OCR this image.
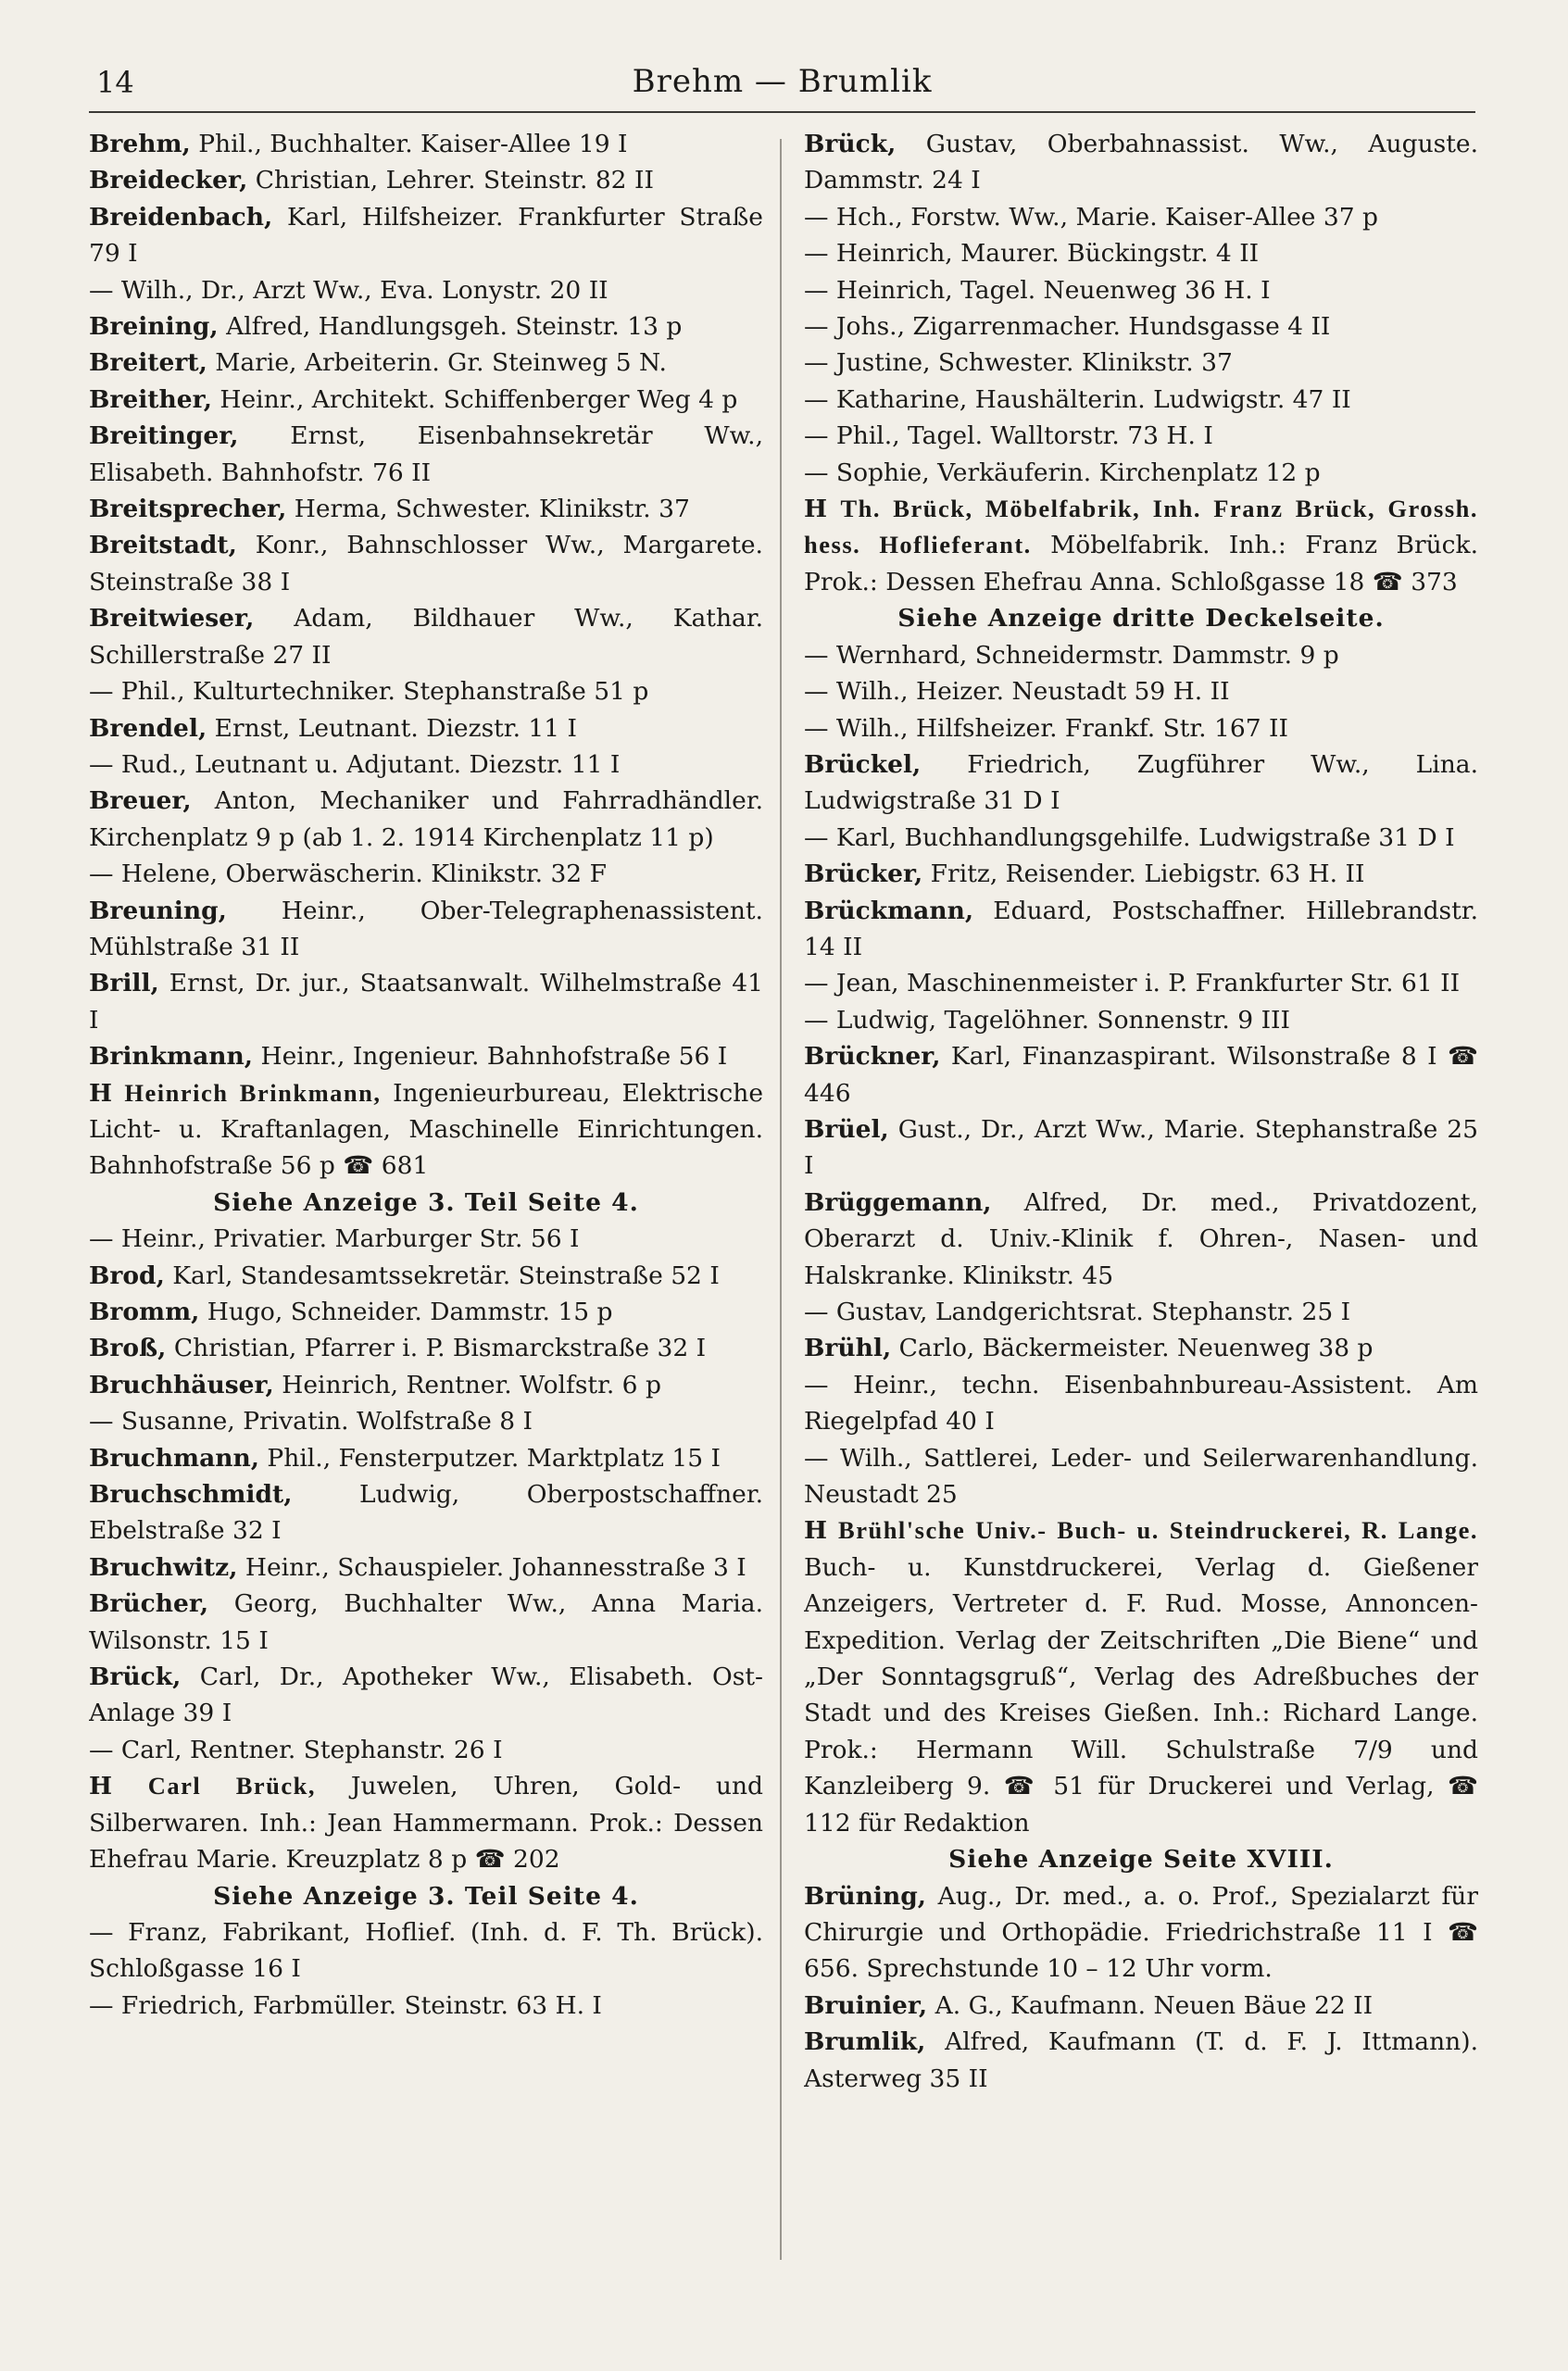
14	Brehm — Brumlik
Brehm, Phil., Buchhalter. Kaiser-Allee 19 I
Breidecker, Christian, Lehrer. Steinstr. 82 II
Breidenbach, Karl, Hilfsheizer. Frankfurter Straße 79 I
— Wilh., Dr., Arzt Ww., Eva. Lonystr. 20 II
Breining, Alfred, Handlungsgeh. Steinstr. 13 p
Breitert, Marie, Arbeiterin. Gr. Steinweg 5 N.
Breither, Heinr., Architekt. Schiffenberger Weg 4 p
Breitinger, Ernst, Eisenbahnsekretär Ww., Elisabeth. Bahnhofstr. 76 II
Breitsprecher, Herma, Schwester. Klinikstr. 37
Breitstadt, Konr., Bahnschlosser Ww., Margarete. Steinstraße 38 I
Breitwieser, Adam, Bildhauer Ww., Kathar. Schillerstraße 27 II
— Phil., Kulturtechniker. Stephanstraße 51 p
Brendel, Ernst, Leutnant. Diezstr. 11 I
— Rud., Leutnant u. Adjutant. Diezstr. 11 I
Breuer, Anton, Mechaniker und Fahrradhändler. Kirchenplatz 9 p (ab 1. 2. 1914 Kirchenplatz 11 p)
— Helene, Oberwäscherin. Klinikstr. 32 F
Breuning, Heinr., Ober-Telegraphenassistent. Mühlstraße 31 II
Brill, Ernst, Dr. jur., Staatsanwalt. Wilhelmstraße 41 I
Brinkmann, Heinr., Ingenieur. Bahnhofstraße 56 I
H Heinrich Brinkmann, Ingenieurbureau, Elektrische Licht- u. Kraftanlagen, Maschinelle Einrichtungen. Bahnhofstraße 56 p ☎ 681
Siehe Anzeige 3. Teil Seite 4.
— Heinr., Privatier. Marburger Str. 56 I
Brod, Karl, Standesamtssekretär. Steinstraße 52 I
Bromm, Hugo, Schneider. Dammstr. 15 p
Broß, Christian, Pfarrer i. P. Bismarckstraße 32 I
Bruchhäuser, Heinrich, Rentner. Wolfstr. 6 p
— Susanne, Privatin. Wolfstraße 8 I
Bruchmann, Phil., Fensterputzer. Marktplatz 15 I
Bruchschmidt, Ludwig, Oberpostschaffner. Ebelstraße 32 I
Bruchwitz, Heinr., Schauspieler. Johannesstraße 3 I
Brücher, Georg, Buchhalter Ww., Anna Maria. Wilsonstr. 15 I
Brück, Carl, Dr., Apotheker Ww., Elisabeth. Ost-Anlage 39 I
— Carl, Rentner. Stephanstr. 26 I
H Carl Brück, Juwelen, Uhren, Gold- und Silberwaren. Inh.: Jean Hammermann. Prok.: Dessen Ehefrau Marie. Kreuzplatz 8 p ☎ 202
Siehe Anzeige 3. Teil Seite 4.
— Franz, Fabrikant, Hoflief. (Inh. d. F. Th. Brück). Schloßgasse 16 I
— Friedrich, Farbmüller. Steinstr. 63 H. I
Brück, Gustav, Oberbahnassist. Ww., Auguste. Dammstr. 24 I
— Hch., Forstw. Ww., Marie. Kaiser-Allee 37 p
— Heinrich, Maurer. Bückingstr. 4 II
— Heinrich, Tagel. Neuenweg 36 H. I
— Johs., Zigarrenmacher. Hundsgasse 4 II
— Justine, Schwester. Klinikstr. 37
— Katharine, Haushälterin. Ludwigstr. 47 II
— Phil., Tagel. Walltorstr. 73 H. I
— Sophie, Verkäuferin. Kirchenplatz 12 p
H Th. Brück, Möbelfabrik, Inh. Franz Brück, Grossh. hess. Hoflieferant. Möbelfabrik. Inh.: Franz Brück. Prok.: Dessen Ehefrau Anna. Schloßgasse 18 ☎ 373
Siehe Anzeige dritte Deckelseite.
— Wernhard, Schneidermstr. Dammstr. 9 p
— Wilh., Heizer. Neustadt 59 H. II
— Wilh., Hilfsheizer. Frankf. Str. 167 II
Brückel, Friedrich, Zugführer Ww., Lina. Ludwigstraße 31 D I
— Karl, Buchhandlungsgehilfe. Ludwigstraße 31 D I
Brücker, Fritz, Reisender. Liebigstr. 63 H. II
Brückmann, Eduard, Postschaffner. Hillebrandstr. 14 II
— Jean, Maschinenmeister i. P. Frankfurter Str. 61 II
— Ludwig, Tagelöhner. Sonnenstr. 9 III
Brückner, Karl, Finanzaspirant. Wilsonstraße 8 I ☎ 446
Brüel, Gust., Dr., Arzt Ww., Marie. Stephanstraße 25 I
Brüggemann, Alfred, Dr. med., Privatdozent, Oberarzt d. Univ.-Klinik f. Ohren-, Nasen- und Halskranke. Klinikstr. 45
— Gustav, Landgerichtsrat. Stephanstr. 25 I
Brühl, Carlo, Bäckermeister. Neuenweg 38 p
— Heinr., techn. Eisenbahnbureau-Assistent. Am Riegelpfad 40 I
— Wilh., Sattlerei, Leder- und Seilerwarenhandlung. Neustadt 25
H Brühl'sche Univ.- Buch- u. Steindruckerei, R. Lange. Buch- u. Kunstdruckerei, Verlag d. Gießener Anzeigers, Vertreter d. F. Rud. Mosse, Annoncen-Expedition. Verlag der Zeitschriften „Die Biene“ und „Der Sonntagsgruß“, Verlag des Adreßbuches der Stadt und des Kreises Gießen. Inh.: Richard Lange. Prok.: Hermann Will. Schulstraße 7/9 und Kanzleiberg 9. ☎ 51 für Druckerei und Verlag, ☎ 112 für Redaktion
Siehe Anzeige Seite XVIII.
Brüning, Aug., Dr. med., a. o. Prof., Spezialarzt für Chirurgie und Orthopädie. Friedrichstraße 11 I ☎ 656. Sprechstunde 10 – 12 Uhr vorm.
Bruinier, A. G., Kaufmann. Neuen Bäue 22 II
Brumlik, Alfred, Kaufmann (T. d. F. J. Ittmann). Asterweg 35 II
